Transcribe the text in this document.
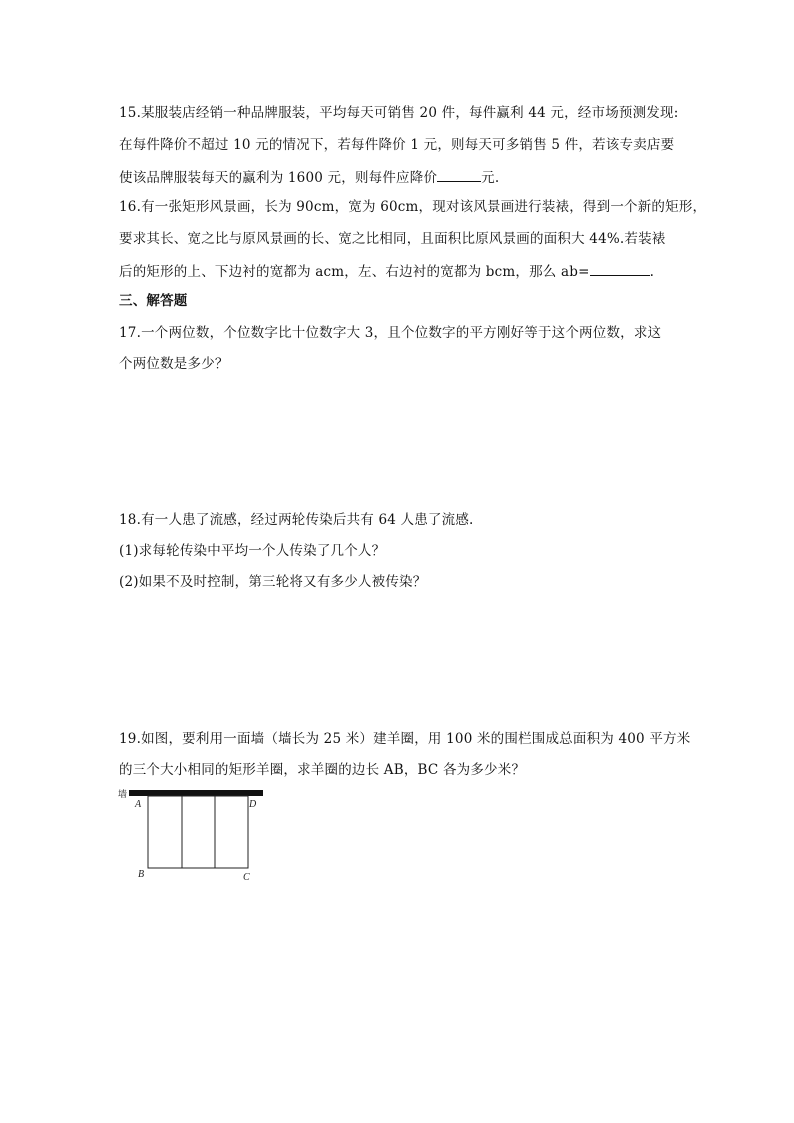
15.某服装店经销一种品牌服装，平均每天可销售 20 件，每件赢利 44 元，经市场预测发现:
在每件降价不超过 10 元的情况下，若每件降价 1 元，则每天可多销售 5 件，若该专卖店要
使该品牌服装每天的赢利为 1600 元，则每件应降价	元.
16.有一张矩形风景画，长为 90cm，宽为 60cm，现对该风景画进行装裱，得到一个新的矩形，
要求其长、宽之比与原风景画的长、宽之比相同，且面积比原风景画的面积大 44%.若装裱
后的矩形的上、下边衬的宽都为 acm，左、右边衬的宽都为 bcm，那么 ab=	.
三、解答题
17.一个两位数，个位数字比十位数字大 3，且个位数字的平方刚好等于这个两位数，求这
个两位数是多少？
18.有一人患了流感，经过两轮传染后共有 64 人患了流感.
(1)求每轮传染中平均一个人传染了几个人？
(2)如果不及时控制，第三轮将又有多少人被传染？
19.如图，要利用一面墙（墙长为 25 米）建羊圈，用 100 米的围栏围成总面积为 400 平方米
的三个大小相同的矩形羊圈，求羊圈的边长 AB，BC 各为多少米？
墙
A	D
B	C
